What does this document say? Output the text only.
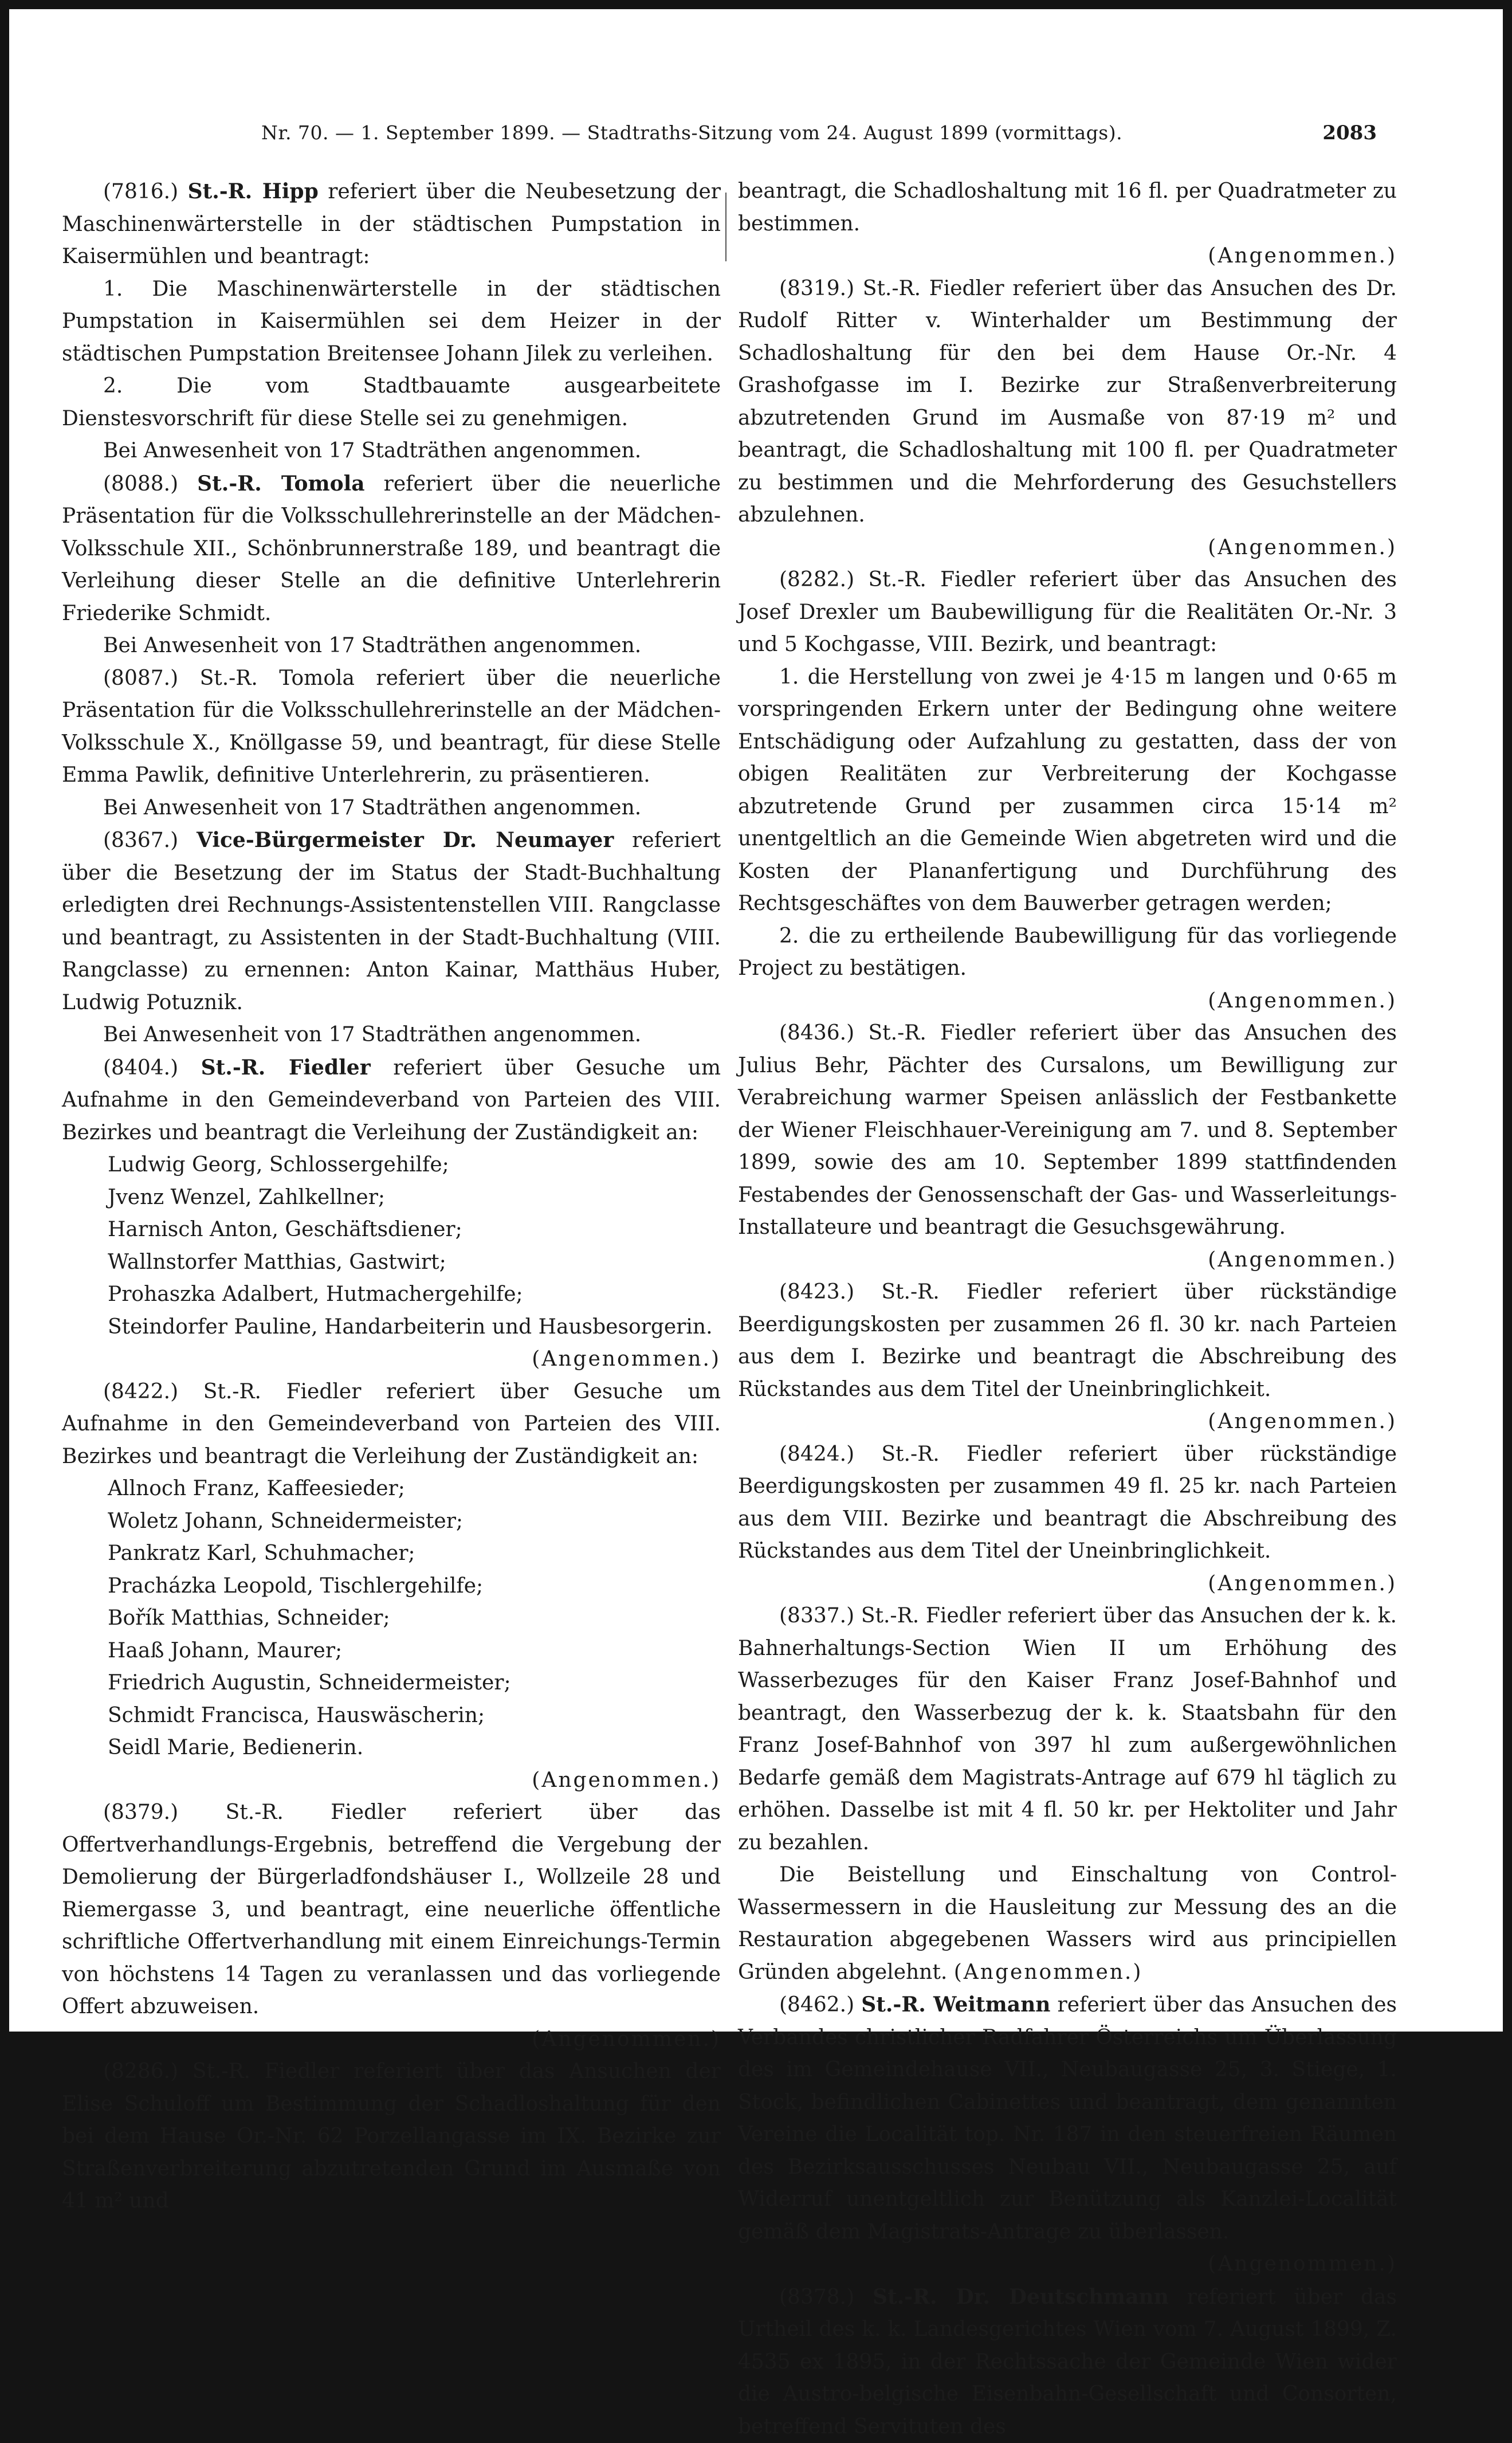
Nr. 70. — 1. September 1899. — Stadtraths-Sitzung vom 24. August 1899 (vormittags).	2083

(7816.) St.-R. Hipp referiert über die Neubesetzung der Maschinenwärterstelle in der städtischen Pumpstation in Kaisermühlen und beantragt:

1. Die Maschinenwärterstelle in der städtischen Pumpstation in Kaisermühlen sei dem Heizer in der städtischen Pumpstation Breitensee Johann Jilek zu verleihen.

2. Die vom Stadtbauamte ausgearbeitete Dienstesvorschrift für diese Stelle sei zu genehmigen.

Bei Anwesenheit von 17 Stadträthen angenommen.

(8088.) St.-R. Tomola referiert über die neuerliche Präsentation für die Volksschullehrerinstelle an der Mädchen-Volksschule XII., Schönbrunnerstraße 189, und beantragt die Verleihung dieser Stelle an die definitive Unterlehrerin Friederike Schmidt.

Bei Anwesenheit von 17 Stadträthen angenommen.

(8087.) St.-R. Tomola referiert über die neuerliche Präsentation für die Volksschullehrerinstelle an der Mädchen-Volksschule X., Knöllgasse 59, und beantragt, für diese Stelle Emma Pawlik, definitive Unterlehrerin, zu präsentieren.

Bei Anwesenheit von 17 Stadträthen angenommen.

(8367.) Vice-Bürgermeister Dr. Neumayer referiert über die Besetzung der im Status der Stadt-Buchhaltung erledigten drei Rechnungs-Assistentenstellen VIII. Rangclasse und beantragt, zu Assistenten in der Stadt-Buchhaltung (VIII. Rangclasse) zu ernennen: Anton Kainar, Matthäus Huber, Ludwig Potuznik.

Bei Anwesenheit von 17 Stadträthen angenommen.

(8404.) St.-R. Fiedler referiert über Gesuche um Aufnahme in den Gemeindeverband von Parteien des VIII. Bezirkes und beantragt die Verleihung der Zuständigkeit an:

Ludwig Georg, Schlossergehilfe;

Jvenz Wenzel, Zahlkellner;

Harnisch Anton, Geschäftsdiener;

Wallnstorfer Matthias, Gastwirt;

Prohaszka Adalbert, Hutmachergehilfe;

Steindorfer Pauline, Handarbeiterin und Hausbesorgerin.

(Angenommen.)

(8422.) St.-R. Fiedler referiert über Gesuche um Aufnahme in den Gemeindeverband von Parteien des VIII. Bezirkes und beantragt die Verleihung der Zuständigkeit an:

Allnoch Franz, Kaffeesieder;

Woletz Johann, Schneidermeister;

Pankratz Karl, Schuhmacher;

Pracházka Leopold, Tischlergehilfe;

Bořík Matthias, Schneider;

Haaß Johann, Maurer;

Friedrich Augustin, Schneidermeister;

Schmidt Francisca, Hauswäscherin;

Seidl Marie, Bedienerin.

(Angenommen.)

(8379.) St.-R. Fiedler referiert über das Offertverhandlungs-Ergebnis, betreffend die Vergebung der Demolierung der Bürgerladfondshäuser I., Wollzeile 28 und Riemergasse 3, und beantragt, eine neuerliche öffentliche schriftliche Offertverhandlung mit einem Einreichungs-Termin von höchstens 14 Tagen zu veranlassen und das vorliegende Offert abzuweisen.

(Angenommen.)

(8286.) St.-R. Fiedler referiert über das Ansuchen der Elise Schuloff um Bestimmung der Schadloshaltung für den bei dem Hause Or.-Nr. 62 Porzellangasse im IX. Bezirke zur Straßenverbreiterung abzutretenden Grund im Ausmaße von 41 m² und

beantragt, die Schadloshaltung mit 16 fl. per Quadratmeter zu bestimmen.

(Angenommen.)

(8319.) St.-R. Fiedler referiert über das Ansuchen des Dr. Rudolf Ritter v. Winterhalder um Bestimmung der Schadloshaltung für den bei dem Hause Or.-Nr. 4 Grashofgasse im I. Bezirke zur Straßenverbreiterung abzutretenden Grund im Ausmaße von 87·19 m² und beantragt, die Schadloshaltung mit 100 fl. per Quadratmeter zu bestimmen und die Mehrforderung des Gesuchstellers abzulehnen.

(Angenommen.)

(8282.) St.-R. Fiedler referiert über das Ansuchen des Josef Drexler um Baubewilligung für die Realitäten Or.-Nr. 3 und 5 Kochgasse, VIII. Bezirk, und beantragt:

1. die Herstellung von zwei je 4·15 m langen und 0·65 m vorspringenden Erkern unter der Bedingung ohne weitere Entschädigung oder Aufzahlung zu gestatten, dass der von obigen Realitäten zur Verbreiterung der Kochgasse abzutretende Grund per zusammen circa 15·14 m² unentgeltlich an die Gemeinde Wien abgetreten wird und die Kosten der Plananfertigung und Durchführung des Rechtsgeschäftes von dem Bauwerber getragen werden;

2. die zu ertheilende Baubewilligung für das vorliegende Project zu bestätigen.

(Angenommen.)

(8436.) St.-R. Fiedler referiert über das Ansuchen des Julius Behr, Pächter des Cursalons, um Bewilligung zur Verabreichung warmer Speisen anlässlich der Festbankette der Wiener Fleischhauer-Vereinigung am 7. und 8. September 1899, sowie des am 10. September 1899 stattfindenden Festabendes der Genossenschaft der Gas- und Wasserleitungs-Installateure und beantragt die Gesuchsgewährung.

(Angenommen.)

(8423.) St.-R. Fiedler referiert über rückständige Beerdigungskosten per zusammen 26 fl. 30 kr. nach Parteien aus dem I. Bezirke und beantragt die Abschreibung des Rückstandes aus dem Titel der Uneinbringlichkeit.

(Angenommen.)

(8424.) St.-R. Fiedler referiert über rückständige Beerdigungskosten per zusammen 49 fl. 25 kr. nach Parteien aus dem VIII. Bezirke und beantragt die Abschreibung des Rückstandes aus dem Titel der Uneinbringlichkeit.

(Angenommen.)

(8337.) St.-R. Fiedler referiert über das Ansuchen der k. k. Bahnerhaltungs-Section Wien II um Erhöhung des Wasserbezuges für den Kaiser Franz Josef-Bahnhof und beantragt, den Wasserbezug der k. k. Staatsbahn für den Franz Josef-Bahnhof von 397 hl zum außergewöhnlichen Bedarfe gemäß dem Magistrats-Antrage auf 679 hl täglich zu erhöhen. Dasselbe ist mit 4 fl. 50 kr. per Hektoliter und Jahr zu bezahlen.

Die Beistellung und Einschaltung von Control-Wassermessern in die Hausleitung zur Messung des an die Restauration abgegebenen Wassers wird aus principiellen Gründen abgelehnt. (Angenommen.)

(8462.) St.-R. Weitmann referiert über das Ansuchen des Verbandes christlicher Radfahrer Österreichs um Überlassung des im Gemeindehause VII., Neubaugasse 25, 3. Stiege, 1. Stock, befindlichen Cabinettes und beantragt, dem genannten Vereine die Localität top. Nr. 187 in den steuerfreien Räumen des Bezirksausschusses Neubau VII., Neubaugasse 25, auf Widerruf unentgeltlich zur Benützung als Kanzlei-Localität gemäß dem Magistrats-Antrage zu überlassen.

(Angenommen.)

(8378.) St.-R. Dr. Deutschmann referiert über das Urtheil des k. k. Landesgerichtes Wien vom 7. August 1899, Z. 4535 ex 1895, in der Rechtssache der Gemeinde Wien wider die Austro-belgische Eisenbahn-Gesellschaft und Consorten, betreffend Servituten des
